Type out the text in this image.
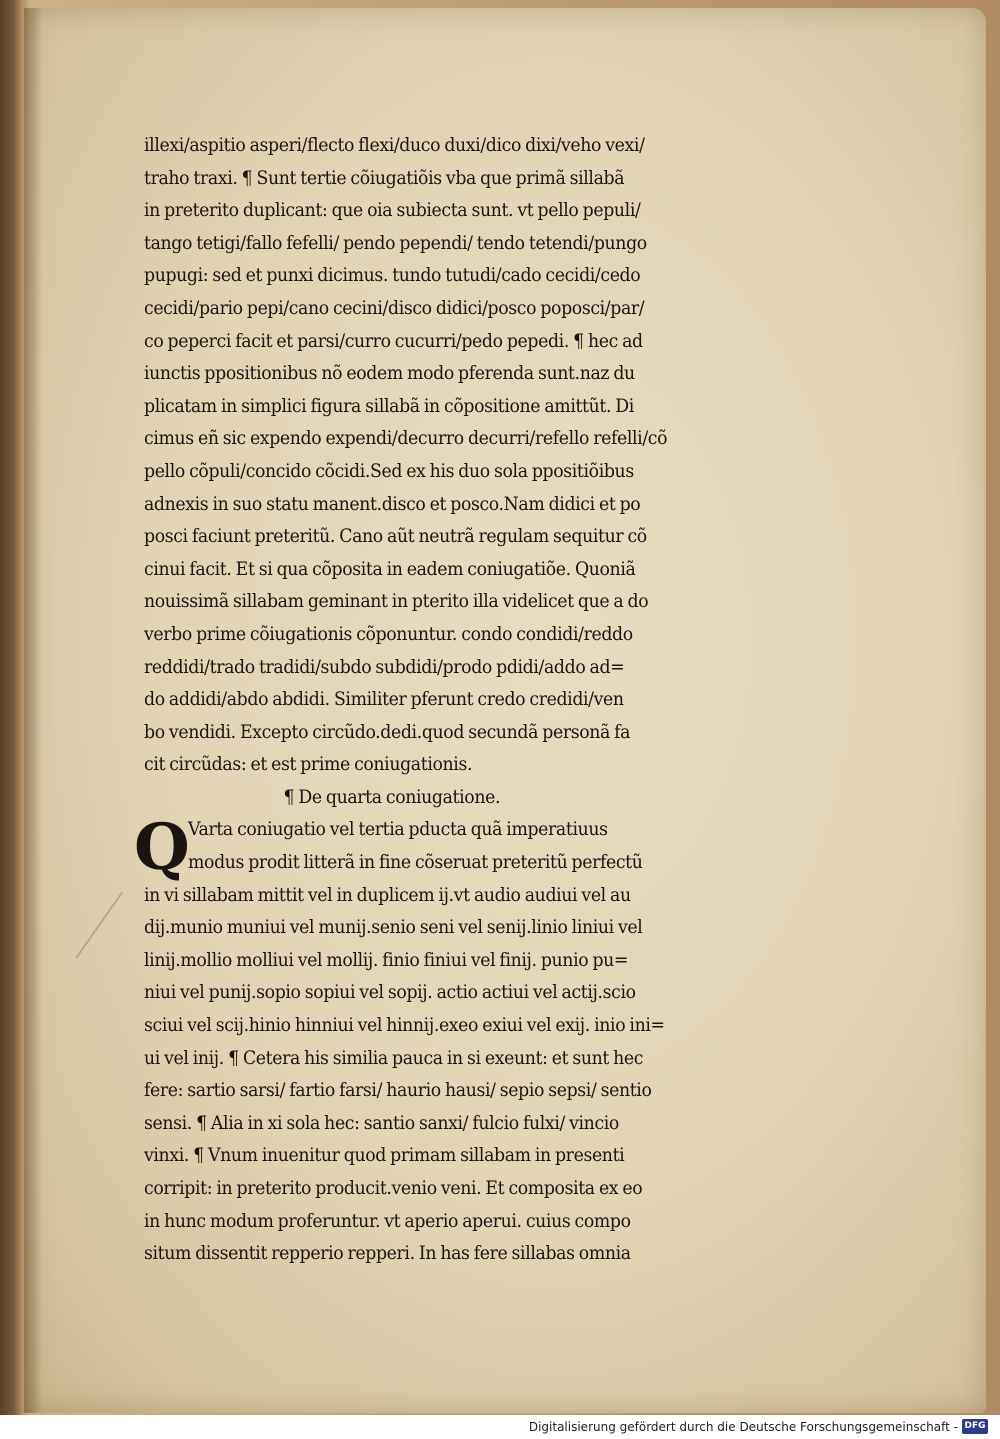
illexi/aspitio asperi/flecto flexi/duco duxi/dico dixi/veho vexi/
traho traxi. ¶ Sunt tertie cõiugatiõis vba que primã sillabã
in preterito duplicant: que oia subiecta sunt. vt pello pepuli/
tango tetigi/fallo fefelli/ pendo pependi/ tendo tetendi/pungo
pupugi: sed et punxi dicimus. tundo tutudi/cado cecidi/cedo
cecidi/pario pepi/cano cecini/disco didici/posco poposci/par/
co peperci facit et parsi/curro cucurri/pedo pepedi. ¶ hec ad
iunctis ppositionibus nõ eodem modo pferenda sunt.naz du
plicatam in simplici figura sillabã in cõpositione amittũt. Di
cimus eñ sic expendo expendi/decurro decurri/refello refelli/cõ
pello cõpuli/concido cõcidi.Sed ex his duo sola ppositiõibus
adnexis in suo statu manent.disco et posco.Nam didici et po
posci faciunt preteritũ. Cano aũt neutrã regulam sequitur cõ
cinui facit. Et si qua cõposita in eadem coniugatiõe. Quoniã
nouissimã sillabam geminant in pterito illa videlicet que a do
verbo prime cõiugationis cõponuntur. condo condidi/reddo
reddidi/trado tradidi/subdo subdidi/prodo pdidi/addo ad=
do addidi/abdo abdidi. Similiter pferunt credo credidi/ven
bo vendidi. Excepto circũdo.dedi.quod secundã personã fa
cit circũdas: et est prime coniugationis.
¶ De quarta coniugatione.
Q
Varta coniugatio vel tertia pducta quã imperatiuus
modus prodit litterã in fine cõseruat preteritũ perfectũ
in vi sillabam mittit vel in duplicem ij.vt audio audiui vel au
dij.munio muniui vel munij.senio seni vel senij.linio liniui vel
linij.mollio molliui vel mollij. finio finiui vel finij. punio pu=
niui vel punij.sopio sopiui vel sopij. actio actiui vel actij.scio
sciui vel scij.hinio hinniui vel hinnij.exeo exiui vel exij. inio ini=
ui vel inij. ¶ Cetera his similia pauca in si exeunt: et sunt hec
fere: sartio sarsi/ fartio farsi/ haurio hausi/ sepio sepsi/ sentio
sensi. ¶ Alia in xi sola hec: santio sanxi/ fulcio fulxi/ vincio
vinxi. ¶ Vnum inuenitur quod primam sillabam in presenti
corripit: in preterito producit.venio veni. Et composita ex eo
in hunc modum proferuntur. vt aperio aperui. cuius compo
situm dissentit repperio repperi. In has fere sillabas omnia
Digitalisierung gefördert durch die Deutsche Forschungsgemeinschaft - DFG
